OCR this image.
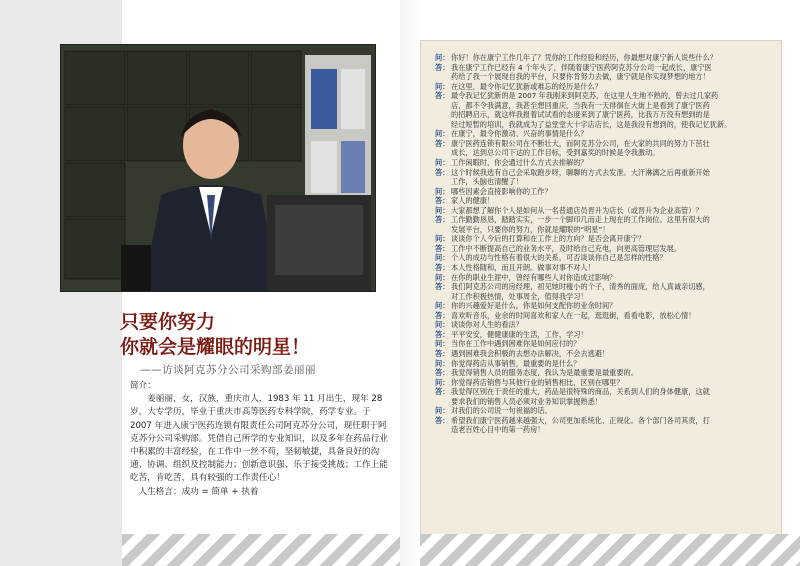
只要你努力
你就会是耀眼的明星！
——访谈阿克苏分公司采购部姜丽丽

简介：

姜丽丽，女，汉族，重庆市人，1983 年 11 月出生，现年 28 岁，大专学历，毕业于重庆市高等医药专科学院，药学专业。于 2007 年进入康宁医药连锁有限责任公司阿克苏分公司，现任职于阿克苏分公司采购部。凭借自己所学的专业知识，以及多年在药品行业中积累的丰富经验，在工作中一丝不苟，坚韧敏捷，具备良好的沟通、协调、组织及控制能力；创新意识强、乐于接受挑战；工作上能吃苦，肯吃苦，具有较强的工作责任心！

人生格言：成功 = 简单 + 执着

问： 你好！你在康宁工作几年了？凭你的工作经验和经历，你最想对康宁新人说些什么？
答： 我在康宁工作已经有 4 个年头了，伴随着康宁医药阿克苏分公司一起成长，康宁医
药给了我一个展现自我的平台，只要你肯努力去做，康宁就是你实现梦想的地方！
问： 在这里，最令你记忆犹新或难忘的经历是什么？
答： 最令我记忆犹新的是 2007 年我刚来到阿克苏，在这里人生地不熟的，曾去过几家药
店，都不令我满意，我甚至想回重庆，当我有一天徘徊在大街上是看到了康宁医药
的招聘启示，就这样我报着试试看的态度来到了康宁医药，比我万万没有想到的是
经过短暂的培训，我就成为了益堂堂大十字店店长，这是我没有想到的，使我记忆犹新。
问： 在康宁，最令你激动、兴奋的事情是什么？
答： 康宁医药连锁有限公司在不断壮大，而阿克苏分公司，在大家的共同的努力下茁壮
成长，达到总公司下达的工作目标，受到嘉奖的时候是令我激动。
问： 工作闲暇时，你会通过什么方式去排解的？
答： 这个时候我选有自己会采取跑步呀，聊聊的方式去发泄。大汗淋漓之后再重新开始
工作，头脑也清醒了！
问： 哪些因素会直接影响你的工作？
答： 家人的健康！
问： 大家都想了解你个人是如何从一名普通店员晋升为店长（或晋升为企业高管）？
答： 工作勤勤恳恳，踏踏实实，一步一个脚印几而走上现在的工作岗位。这里有很大的
发展平台，只要你的努力，你就是耀眼的“明星”！
问： 谈谈你个人今后的打算和在工作上的方向？是否会离开康宁？
答： 工作中不断提高自己的业务水平，及时给自己充电，向更高管理层发展。
问： 个人的成功与性格有着很大的关系，可否谈谈你自己是怎样的性格？
答： 本人性格随和，而且开朗。做事对事不对人！
问： 在你的职业生涯中，曾经有哪些人对你造成过影响？
答： 我们阿克苏公司的房经理，初见她时瘦小的个子，清秀的面庞，给人真诚亲切感，
对工作积极热情，处事周全，值得我学习！
问： 你的兴趣爱好是什么，你是如何支配你的业余时间？
答： 喜欢听音乐，业余的时间喜欢和家人在一起，逛逛街，看看电影，放松心情！
问： 谈谈你对人生的看法？
答： 平平安安，健健康康的生活，工作，学习！
问： 当你在工作中遇到困难你是如何应付的？
答： 遇到困难我会积极的去想办法解决，不会去逃避！
问： 你觉得药店从事销售，最重要的是什么？
答： 我觉得销售人员的服务态度，我认为是最重要是最重要的。
问： 你觉得药店销售与其他行业的销售相比，区别在哪里？
答： 我觉得区别在于责任的重大，药品是很特殊的商品，关系到人们的身体健康，这就
要求我们的销售人员必须对业务知识掌握熟悉！
问： 对我们的公司说一句祝福的话。
答： 希望我们康宁医药越来越强大，公司更加系统化、正规化。各个部门各司其责，打
造老百姓心目中的第一药房！
